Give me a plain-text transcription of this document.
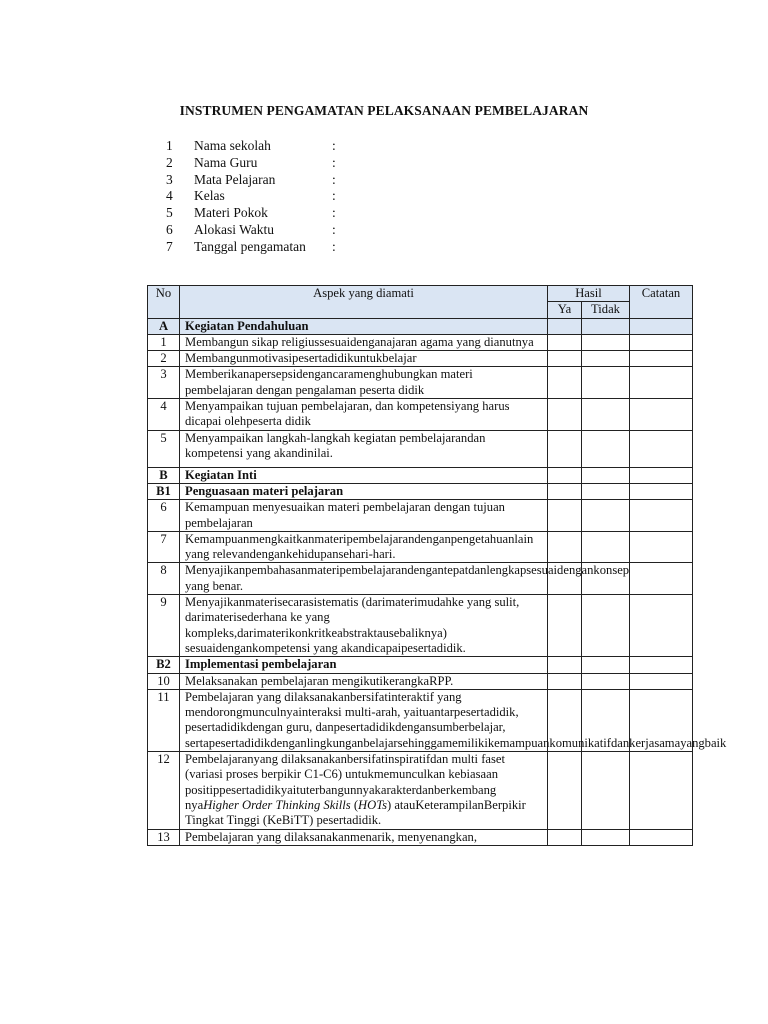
INSTRUMEN PENGAMATAN PELAKSANAAN PEMBELAJARAN
1	Nama sekolah	:
2	Nama Guru	:
3	Mata Pelajaran	:
4	Kelas	:
5	Materi Pokok	:
6	Alokasi Waktu	:
7	Tanggal pengamatan	:
No	Aspek yang diamati	Hasil		Catatan
		Ya	Tidak	
A	Kegiatan Pendahuluan			
1	Membangun sikap religiussesuaidenganajaran agama yang dianutnya			
2	Membangunmotivasipesertadidikuntukbelajar			
3	Memberikanapersepsidengancaramenghubungkan materi pembelajaran dengan pengalaman peserta didik			
4	Menyampaikan tujuan pembelajaran, dan kompetensiyang harus dicapai olehpeserta didik			
5	Menyampaikan langkah-langkah kegiatan pembelajarandan kompetensi yang akandinilai.			
B	Kegiatan Inti			
B1	Penguasaan materi pelajaran			
6	Kemampuan menyesuaikan materi pembelajaran dengan tujuan pembelajaran			
7	Kemampuanmengkaitkanmateripembelajarandenganpengetahuanlain yang relevandengankehidupansehari-hari.			
8	Menyajikanpembahasanmateripembelajarandengantepatdanlengkapsesuaidengankonsep yang benar.			
9	Menyajikanmaterisecarasistematis (darimaterimudahke yang sulit, darimaterisederhana ke yang kompleks,darimaterikonkritkeabstraktausebaliknya) sesuaidengankompetensi yang akandicapaipesertadidik.			
B2	Implementasi pembelajaran			
10	Melaksanakan pembelajaran mengikutikerangkaRPP.			
11	Pembelajaran yang dilaksanakanbersifatinteraktif yang mendorongmunculnyainteraksi multi-arah, yaituantarpesertadidik, pesertadidikdengan guru, danpesertadidikdengansumberbelajar, sertapesertadidikdenganlingkunganbelajarsehinggamemilikikemampuankomunikatifdankerjasamayangbaik			
12	Pembelajaranyang dilaksanakanbersifatinspiratifdan multi faset (variasi proses berpikir C1-C6) untukmemunculkan kebiasaan positippesertadidikyaituterbangunnyakarakterdanberkembang nyaHigher Order Thinking Skills (HOTs) atauKeterampilanBerpikir Tingkat Tinggi (KeBiTT) pesertadidik.			
13	Pembelajaran yang dilaksanakanmenarik, menyenangkan,			
